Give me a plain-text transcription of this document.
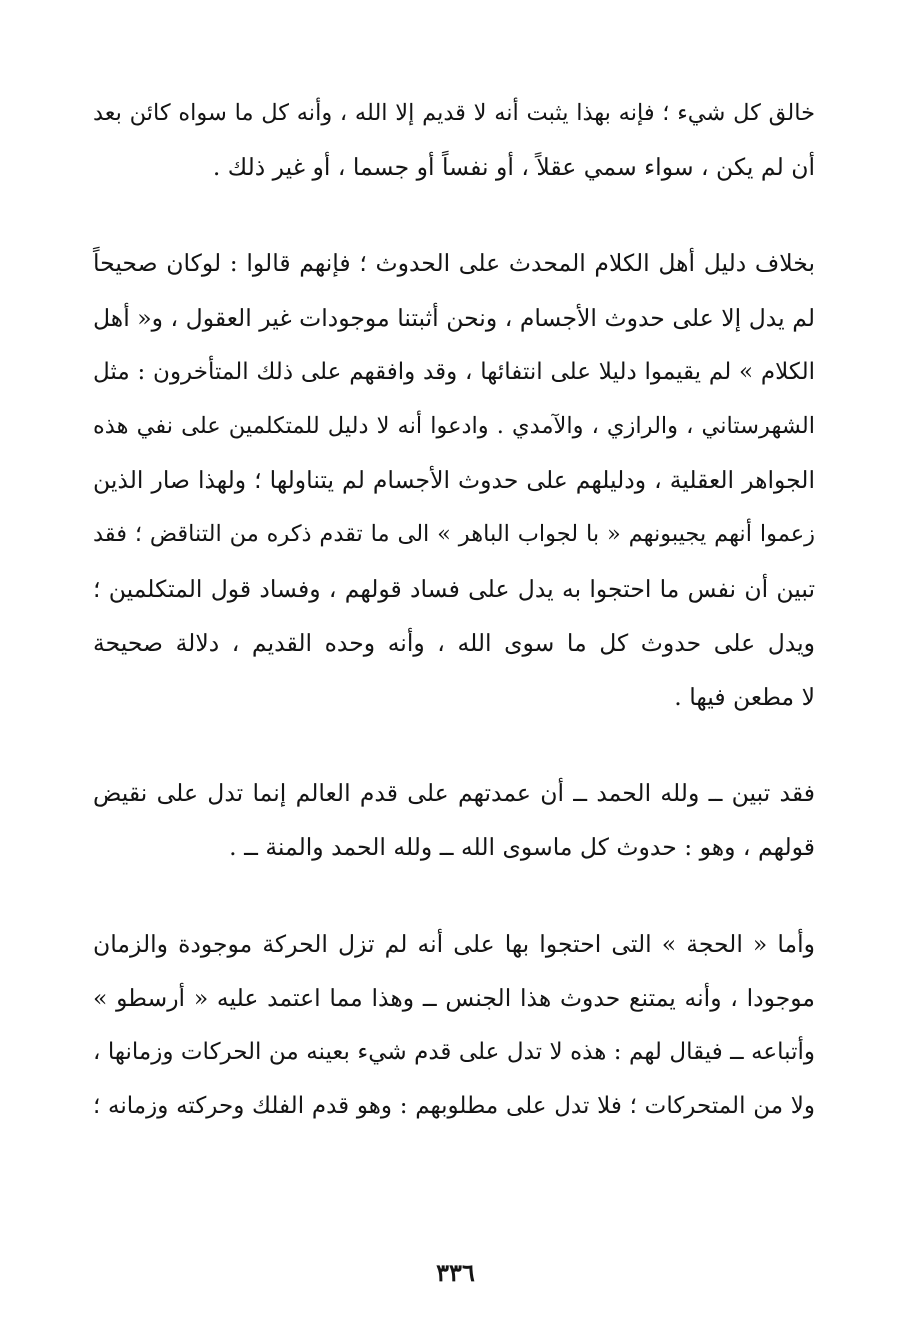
خالق كل شيء ؛ فإنه بهذا يثبت أنه لا قديم إلا الله ، وأنه كل ما سواه كائن بعد
أن لم يكن ، سواء سمي عقلاً ، أو نفساً أو جسما ، أو غير ذلك .

بخلاف دليل أهل الكلام المحدث على الحدوث ؛ فإنهم قالوا : لوكان صحيحاً
لم يدل إلا على حدوث الأجسام ، ونحن أثبتنا موجودات غير العقول ، و« أهل
الكلام » لم يقيموا دليلا على انتفائها ، وقد وافقهم على ذلك المتأخرون : مثل
الشهرستاني ، والرازي ، والآمدي . وادعوا أنه لا دليل للمتكلمين على نفي هذه
الجواهر العقلية ، ودليلهم على حدوث الأجسام لم يتناولها ؛ ولهذا صار الذين
زعموا أنهم يجيبونهم « با لجواب الباهر » الى ما تقدم ذكره من التناقض ؛ فقد
تبين أن نفس ما احتجوا به يدل على فساد قولهم ، وفساد قول المتكلمين ؛
ويدل على حدوث كل ما سوى الله ، وأنه وحده القديم ، دلالة صحيحة
لا مطعن فيها .

فقد تبين ــ ولله الحمد ــ أن عمدتهم على قدم العالم إنما تدل على نقيض
قولهم ، وهو : حدوث كل ماسوى الله ــ ولله الحمد والمنة ــ .

وأما « الحجة » التى احتجوا بها على أنه لم تزل الحركة موجودة والزمان
موجودا ، وأنه يمتنع حدوث هذا الجنس ــ وهذا مما اعتمد عليه « أرسطو »
وأتباعه ــ فيقال لهم : هذه لا تدل على قدم شيء بعينه من الحركات وزمانها ،
ولا من المتحركات ؛ فلا تدل على مطلوبهم : وهو قدم الفلك وحركته وزمانه ؛

٣٣٦
